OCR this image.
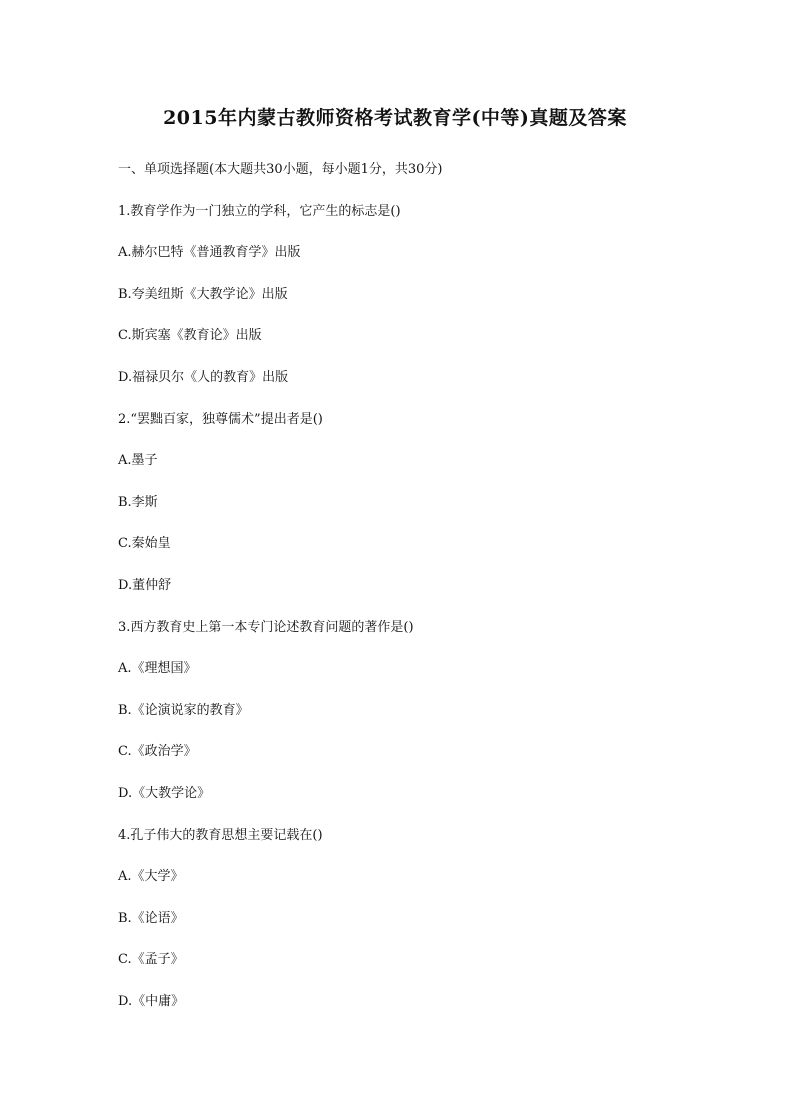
2015年内蒙古教师资格考试教育学(中等)真题及答案
一、单项选择题(本大题共30小题，每小题1分，共30分)
1.教育学作为一门独立的学科，它产生的标志是()
A.赫尔巴特《普通教育学》出版
B.夸美纽斯《大教学论》出版
C.斯宾塞《教育论》出版
D.福禄贝尔《人的教育》出版
2.“罢黜百家，独尊儒术”提出者是()
A.墨子
B.李斯
C.秦始皇
D.董仲舒
3.西方教育史上第一本专门论述教育问题的著作是()
A.《理想国》
B.《论演说家的教育》
C.《政治学》
D.《大教学论》
4.孔子伟大的教育思想主要记载在()
A.《大学》
B.《论语》
C.《孟子》
D.《中庸》
